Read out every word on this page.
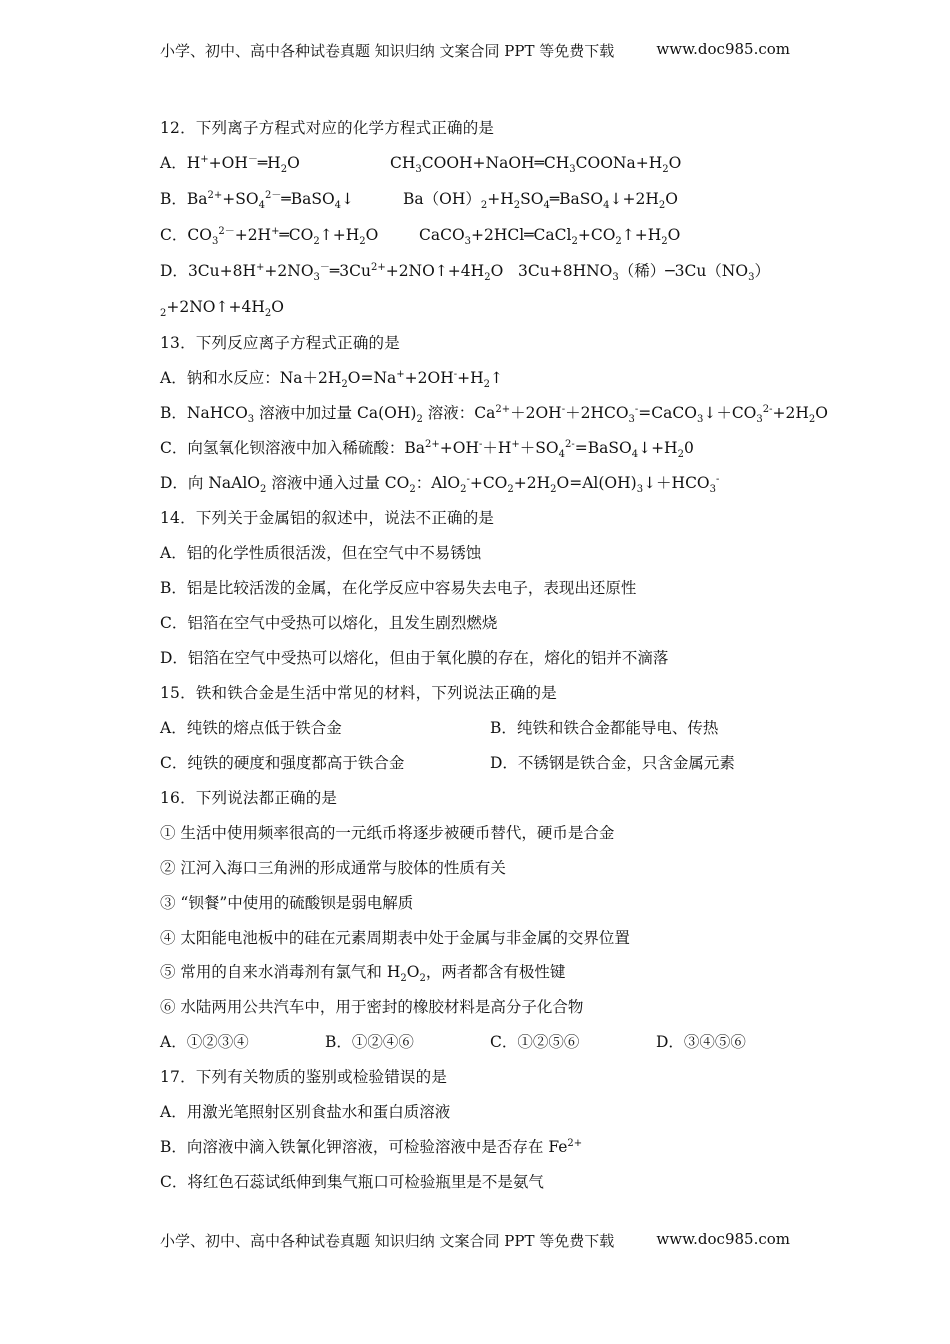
小学、初中、高中各种试卷真题 知识归纳 文案合同 PPT 等免费下载	www.doc985.com
12．下列离子方程式对应的化学方程式正确的是
A．$H^++OH^-═H_2O$	$CH_3COOH+NaOH═CH_3COONa+H_2O$
B．$Ba^{2+}+SO_4^{2-}═BaSO_4↓$	$Ba(OH)_2+H_2SO_4═BaSO_4↓+2H_2O$
C．$CO_3^{2-}+2H^+═CO_2↑+H_2O$	$CaCO_3+2HCl═CaCl_2+CO_2↑+H_2O$
D．$3Cu+8H^++2NO_3^-═3Cu^{2+}+2NO↑+4H_2O$   $3Cu+8HNO_3$（稀）$─3Cu(NO_3)$
$_2+2NO↑+4H_2O$
13．下列反应离子方程式正确的是
A．钠和水反应：$Na+2H_2O=Na^++2OH^-+H_2↑$
B．NaHCO$_3$ 溶液中加过量 $Ca(OH)_2$ 溶液：$Ca^{2+}+2OH^-+2HCO_3^-=CaCO_3↓+CO_3^{2-}+2H_2O$
C．向氢氧化钡溶液中加入稀硫酸：$Ba^{2+}+OH^-+H^++SO_4^{2-}=BaSO_4↓+H_20$
D．向 NaAlO$_2$ 溶液中通入过量 $CO_2$：$AlO_2^-+CO_2+2H_2O=Al(OH)_3↓+HCO_3^-$
14．下列关于金属铝的叙述中，说法不正确的是
A．铝的化学性质很活泼，但在空气中不易锈蚀
B．铝是比较活泼的金属，在化学反应中容易失去电子，表现出还原性
C．铝箔在空气中受热可以熔化，且发生剧烈燃烧
D．铝箔在空气中受热可以熔化，但由于氧化膜的存在，熔化的铝并不滴落
15．铁和铁合金是生活中常见的材料，下列说法正确的是
A．纯铁的熔点低于铁合金	B．纯铁和铁合金都能导电、传热
C．纯铁的硬度和强度都高于铁合金	D．不锈钢是铁合金，只含金属元素
16．下列说法都正确的是
① 生活中使用频率很高的一元纸币将逐步被硬币替代，硬币是合金
② 江河入海口三角洲的形成通常与胶体的性质有关
③ “钡餐”中使用的硫酸钡是弱电解质
④ 太阳能电池板中的硅在元素周期表中处于金属与非金属的交界位置
⑤ 常用的自来水消毒剂有氯气和 $H_2O_2$，两者都含有极性键
⑥ 水陆两用公共汽车中，用于密封的橡胶材料是高分子化合物
A．①②③④	B．①②④⑥	C．①②⑤⑥	D．③④⑤⑥
17．下列有关物质的鉴别或检验错误的是
A．用激光笔照射区别食盐水和蛋白质溶液
B．向溶液中滴入铁氰化钾溶液，可检验溶液中是否存在 $Fe^{2+}$
C．将红色石蕊试纸伸到集气瓶口可检验瓶里是不是氨气
小学、初中、高中各种试卷真题 知识归纳 文案合同 PPT 等免费下载	www.doc985.com
